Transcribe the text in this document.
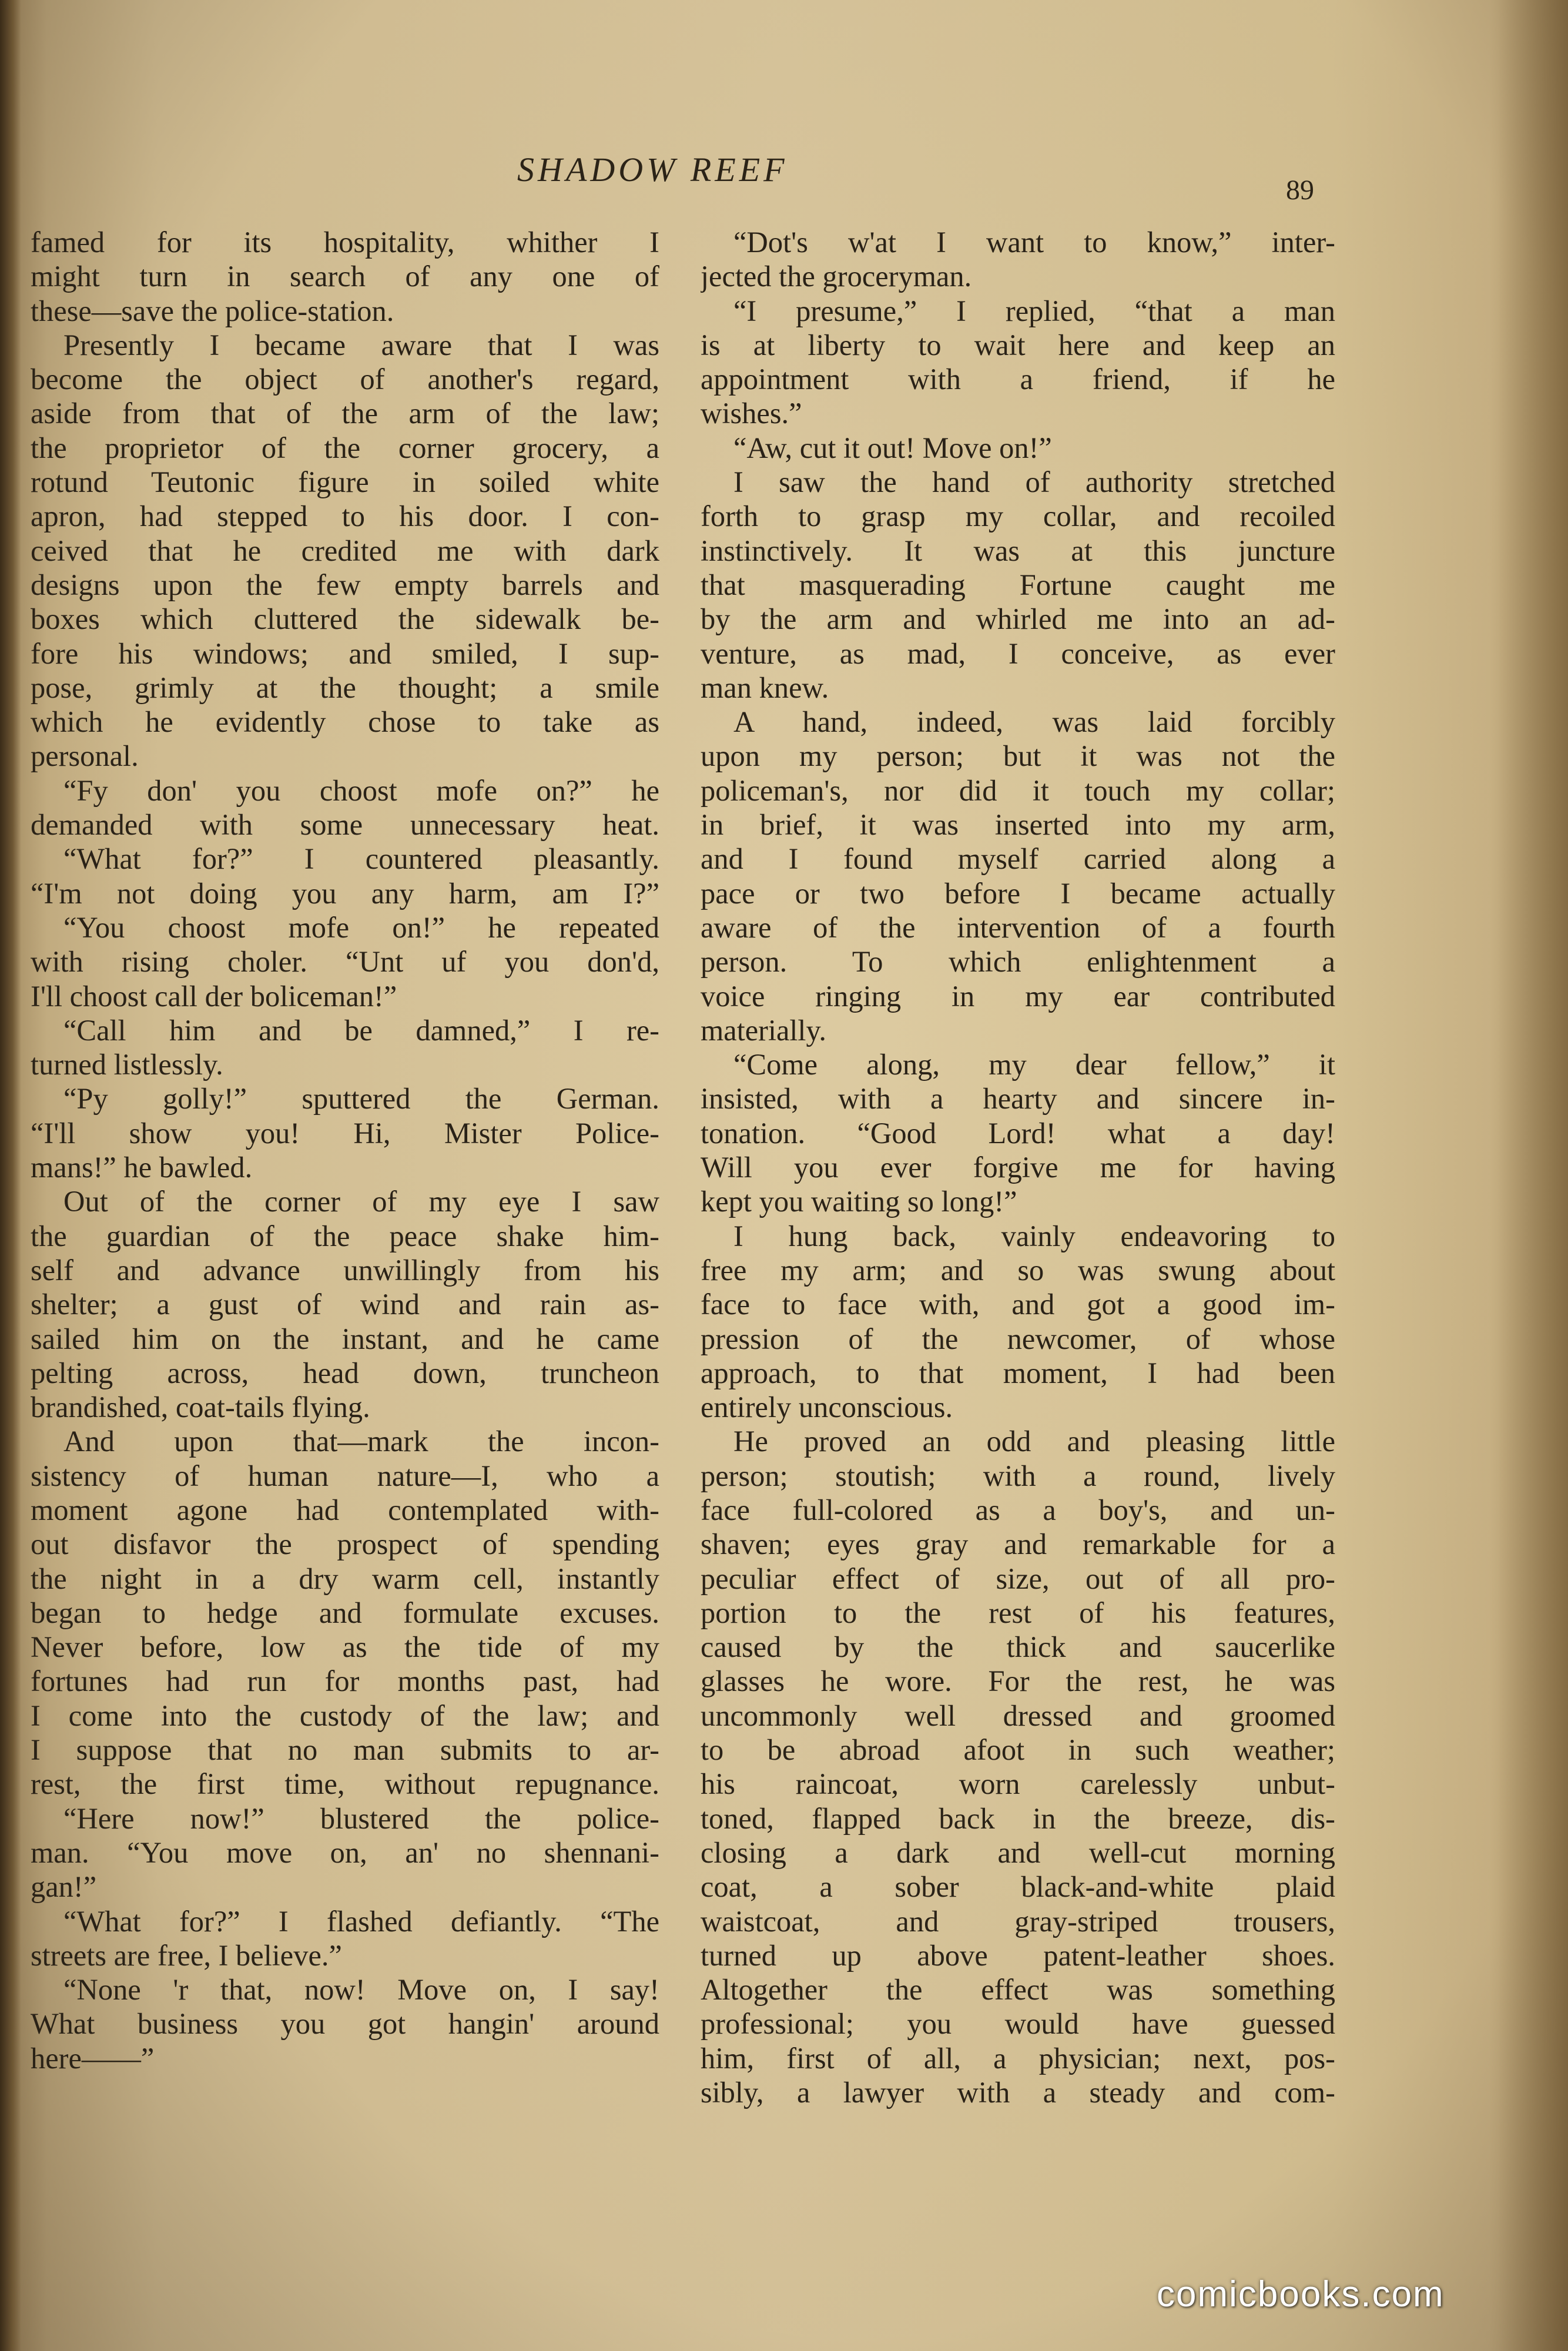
SHADOW REEF
89
famed for its hospitality, whither I
might turn in search of any one of
these—save the police-station.
Presently I became aware that I was
become the object of another's regard,
aside from that of the arm of the law;
the proprietor of the corner grocery, a
rotund Teutonic figure in soiled white
apron, had stepped to his door. I con-
ceived that he credited me with dark
designs upon the few empty barrels and
boxes which cluttered the sidewalk be-
fore his windows; and smiled, I sup-
pose, grimly at the thought; a smile
which he evidently chose to take as
personal.
“Fy don' you choost mofe on?” he
demanded with some unnecessary heat.
“What for?” I countered pleasantly.
“I'm not doing you any harm, am I?”
“You choost mofe on!” he repeated
with rising choler. “Unt uf you don'd,
I'll choost call der boliceman!”
“Call him and be damned,” I re-
turned listlessly.
“Py golly!” sputtered the German.
“I'll show you! Hi, Mister Police-
mans!” he bawled.
Out of the corner of my eye I saw
the guardian of the peace shake him-
self and advance unwillingly from his
shelter; a gust of wind and rain as-
sailed him on the instant, and he came
pelting across, head down, truncheon
brandished, coat-tails flying.
And upon that—mark the incon-
sistency of human nature—I, who a
moment agone had contemplated with-
out disfavor the prospect of spending
the night in a dry warm cell, instantly
began to hedge and formulate excuses.
Never before, low as the tide of my
fortunes had run for months past, had
I come into the custody of the law; and
I suppose that no man submits to ar-
rest, the first time, without repugnance.
“Here now!” blustered the police-
man. “You move on, an' no shennani-
gan!”
“What for?” I flashed defiantly. “The
streets are free, I believe.”
“None 'r that, now! Move on, I say!
What business you got hangin' around
here——”
“Dot's w'at I want to know,” inter-
jected the groceryman.
“I presume,” I replied, “that a man
is at liberty to wait here and keep an
appointment with a friend, if he
wishes.”
“Aw, cut it out! Move on!”
I saw the hand of authority stretched
forth to grasp my collar, and recoiled
instinctively. It was at this juncture
that masquerading Fortune caught me
by the arm and whirled me into an ad-
venture, as mad, I conceive, as ever
man knew.
A hand, indeed, was laid forcibly
upon my person; but it was not the
policeman's, nor did it touch my collar;
in brief, it was inserted into my arm,
and I found myself carried along a
pace or two before I became actually
aware of the intervention of a fourth
person. To which enlightenment a
voice ringing in my ear contributed
materially.
“Come along, my dear fellow,” it
insisted, with a hearty and sincere in-
tonation. “Good Lord! what a day!
Will you ever forgive me for having
kept you waiting so long!”
I hung back, vainly endeavoring to
free my arm; and so was swung about
face to face with, and got a good im-
pression of the newcomer, of whose
approach, to that moment, I had been
entirely unconscious.
He proved an odd and pleasing little
person; stoutish; with a round, lively
face full-colored as a boy's, and un-
shaven; eyes gray and remarkable for a
peculiar effect of size, out of all pro-
portion to the rest of his features,
caused by the thick and saucerlike
glasses he wore. For the rest, he was
uncommonly well dressed and groomed
to be abroad afoot in such weather;
his raincoat, worn carelessly unbut-
toned, flapped back in the breeze, dis-
closing a dark and well-cut morning
coat, a sober black-and-white plaid
waistcoat, and gray-striped trousers,
turned up above patent-leather shoes.
Altogether the effect was something
professional; you would have guessed
him, first of all, a physician; next, pos-
sibly, a lawyer with a steady and com-
comicbooks.com
